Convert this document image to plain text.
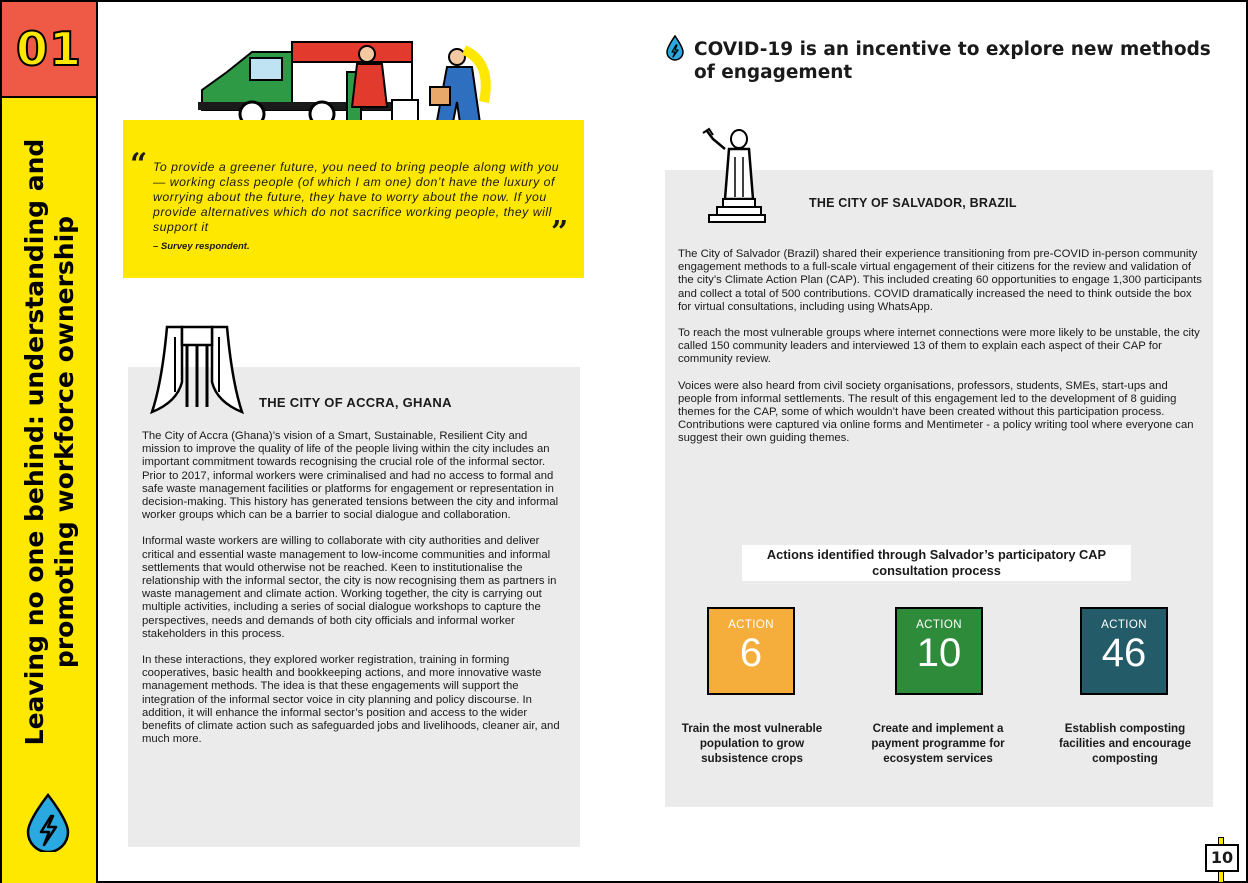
01
Leaving no one behind: understanding and promoting workforce ownership
“ To provide a greener future, you need to bring people along with you — working class people (of which I am one) don’t have the luxury of worrying about the future, they have to worry about the now. If you provide alternatives which do not sacrifice working people, they will support it	”
– Survey respondent.
THE CITY OF ACCRA, GHANA

The City of Accra (Ghana)’s vision of a Smart, Sustainable, Resilient City and mission to improve the quality of life of the people living within the city includes an important commitment towards recognising the crucial role of the informal sector. Prior to 2017, informal workers were criminalised and had no access to formal and safe waste management facilities or platforms for engagement or representation in decision-making. This history has generated tensions between the city and informal worker groups which can be a barrier to social dialogue and collaboration.

Informal waste workers are willing to collaborate with city authorities and deliver critical and essential waste management to low-income communities and informal settlements that would otherwise not be reached. Keen to institutionalise the relationship with the informal sector, the city is now recognising them as partners in waste management and climate action. Working together, the city is carrying out multiple activities, including a series of social dialogue workshops to capture the perspectives, needs and demands of both city officials and informal worker stakeholders in this process.

In these interactions, they explored worker registration, training in forming cooperatives, basic health and bookkeeping actions, and more innovative waste management methods. The idea is that these engagements will support the integration of the informal sector voice in city planning and policy discourse. In addition, it will enhance the informal sector’s position and access to the wider benefits of climate action such as safeguarded jobs and livelihoods, cleaner air, and much more.

COVID-19 is an incentive to explore new methods of engagement
THE CITY OF SALVADOR, BRAZIL

The City of Salvador (Brazil) shared their experience transitioning from pre-COVID in-person community engagement methods to a full-scale virtual engagement of their citizens for the review and validation of the city’s Climate Action Plan (CAP). This included creating 60 opportunities to engage 1,300 participants and collect a total of 500 contributions. COVID dramatically increased the need to think outside the box for virtual consultations, including using WhatsApp.

To reach the most vulnerable groups where internet connections were more likely to be unstable, the city called 150 community leaders and interviewed 13 of them to explain each aspect of their CAP for community review.

Voices were also heard from civil society organisations, professors, students, SMEs, start-ups and people from informal settlements. The result of this engagement led to the development of 8 guiding themes for the CAP, some of which wouldn’t have been created without this participation process. Contributions were captured via online forms and Mentimeter - a policy writing tool where everyone can suggest their own guiding themes.

Actions identified through Salvador’s participatory CAP consultation process
ACTION
6
ACTION
10
ACTION
46
Train the most vulnerable population to grow subsistence crops
Create and implement a payment programme for ecosystem services
Establish composting facilities and encourage composting
10
